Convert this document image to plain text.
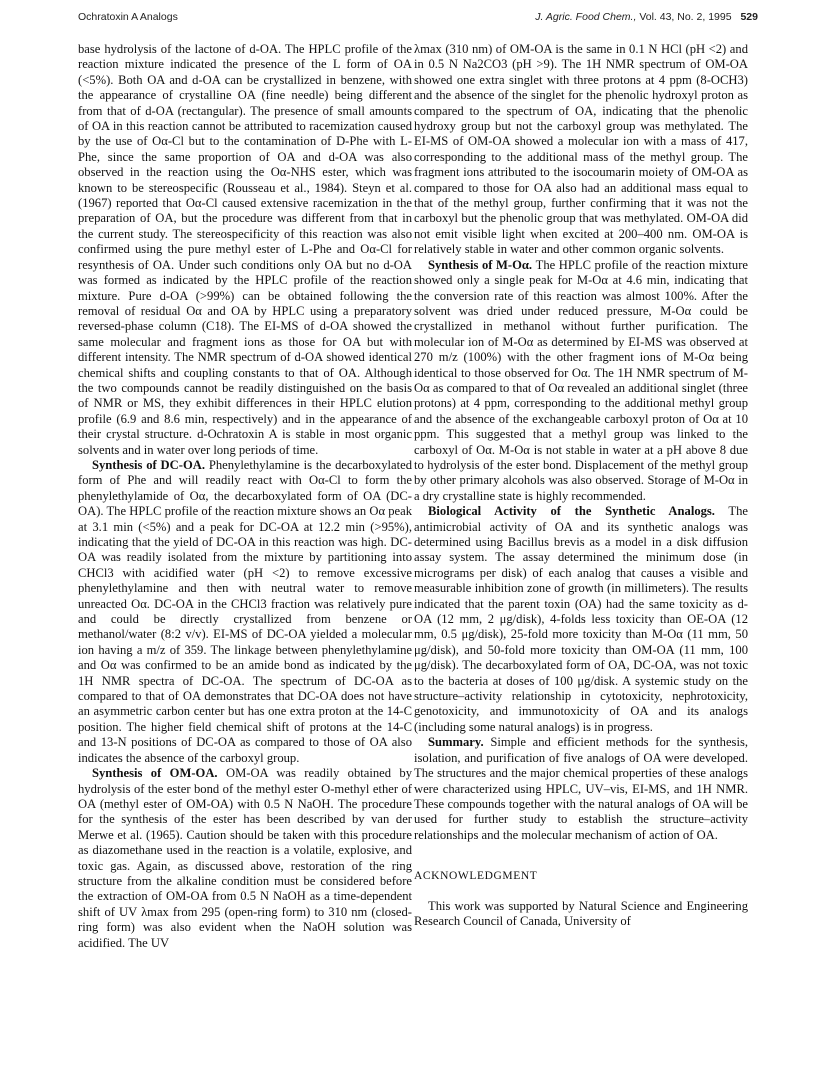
Ochratoxin A Analogs	J. Agric. Food Chem., Vol. 43, No. 2, 1995 529

base hydrolysis of the lactone of d-OA. The HPLC profile of the reaction mixture indicated the presence of the L form of OA (<5%). Both OA and d-OA can be crystallized in benzene, with the appearance of crystalline OA (fine needle) being different from that of d-OA (rectangular). The presence of small amounts of OA in this reaction cannot be attributed to racemization caused by the use of Oα-Cl but to the contamination of D-Phe with L-Phe, since the same proportion of OA and d-OA was also observed in the reaction using the Oα-NHS ester, which was known to be stereospecific (Rousseau et al., 1984). Steyn et al. (1967) reported that Oα-Cl caused extensive racemization in the preparation of OA, but the procedure was different from that in the current study. The stereospecificity of this reaction was also confirmed using the pure methyl ester of L-Phe and Oα-Cl for resynthesis of OA. Under such conditions only OA but no d-OA was formed as indicated by the HPLC profile of the reaction mixture. Pure d-OA (>99%) can be obtained following the removal of residual Oα and OA by HPLC using a preparatory reversed-phase column (C18). The EI-MS of d-OA showed the same molecular and fragment ions as those for OA but with different intensity. The NMR spectrum of d-OA showed identical chemical shifts and coupling constants to that of OA. Although the two compounds cannot be readily distinguished on the basis of NMR or MS, they exhibit differences in their HPLC elution profile (6.9 and 8.6 min, respectively) and in the appearance of their crystal structure. d-Ochratoxin A is stable in most organic solvents and in water over long periods of time.

Synthesis of DC-OA. Phenylethylamine is the decarboxylated form of Phe and will readily react with Oα-Cl to form the phenylethylamide of Oα, the decarboxylated form of OA (DC-OA). The HPLC profile of the reaction mixture shows an Oα peak at 3.1 min (<5%) and a peak for DC-OA at 12.2 min (>95%), indicating that the yield of DC-OA in this reaction was high. DC-OA was readily isolated from the mixture by partitioning into CHCl3 with acidified water (pH <2) to remove excessive phenylethylamine and then with neutral water to remove unreacted Oα. DC-OA in the CHCl3 fraction was relatively pure and could be directly crystallized from benzene or methanol/water (8:2 v/v). EI-MS of DC-OA yielded a molecular ion having a m/z of 359. The linkage between phenylethylamine and Oα was confirmed to be an amide bond as indicated by the 1H NMR spectra of DC-OA. The spectrum of DC-OA as compared to that of OA demonstrates that DC-OA does not have an asymmetric carbon center but has one extra proton at the 14-C position. The higher field chemical shift of protons at the 14-C and 13-N positions of DC-OA as compared to those of OA also indicates the absence of the carboxyl group.

Synthesis of OM-OA. OM-OA was readily obtained by hydrolysis of the ester bond of the methyl ester O-methyl ether of OA (methyl ester of OM-OA) with 0.5 N NaOH. The procedure for the synthesis of the ester has been described by van der Merwe et al. (1965). Caution should be taken with this procedure as diazomethane used in the reaction is a volatile, explosive, and toxic gas. Again, as discussed above, restoration of the ring structure from the alkaline condition must be considered before the extraction of OM-OA from 0.5 N NaOH as a time-dependent shift of UV λmax from 295 (open-ring form) to 310 nm (closed-ring form) was also evident when the NaOH solution was acidified. The UV

λmax (310 nm) of OM-OA is the same in 0.1 N HCl (pH <2) and in 0.5 N Na2CO3 (pH >9). The 1H NMR spectrum of OM-OA showed one extra singlet with three protons at 4 ppm (8-OCH3) and the absence of the singlet for the phenolic hydroxyl proton as compared to the spectrum of OA, indicating that the phenolic hydroxy group but not the carboxyl group was methylated. The EI-MS of OM-OA showed a molecular ion with a mass of 417, corresponding to the additional mass of the methyl group. The fragment ions attributed to the isocoumarin moiety of OM-OA as compared to those for OA also had an additional mass equal to that of the methyl group, further confirming that it was not the carboxyl but the phenolic group that was methylated. OM-OA did not emit visible light when excited at 200–400 nm. OM-OA is relatively stable in water and other common organic solvents.

Synthesis of M-Oα. The HPLC profile of the reaction mixture showed only a single peak for M-Oα at 4.6 min, indicating that the conversion rate of this reaction was almost 100%. After the solvent was dried under reduced pressure, M-Oα could be crystallized in methanol without further purification. The molecular ion of M-Oα as determined by EI-MS was observed at 270 m/z (100%) with the other fragment ions of M-Oα being identical to those observed for Oα. The 1H NMR spectrum of M-Oα as compared to that of Oα revealed an additional singlet (three protons) at 4 ppm, corresponding to the additional methyl group and the absence of the exchangeable carboxyl proton of Oα at 10 ppm. This suggested that a methyl group was linked to the carboxyl of Oα. M-Oα is not stable in water at a pH above 8 due to hydrolysis of the ester bond. Displacement of the methyl group by other primary alcohols was also observed. Storage of M-Oα in a dry crystalline state is highly recommended.

Biological Activity of the Synthetic Analogs. The antimicrobial activity of OA and its synthetic analogs was determined using Bacillus brevis as a model in a disk diffusion assay system. The assay determined the minimum dose (in micrograms per disk) of each analog that causes a visible and measurable inhibition zone of growth (in millimeters). The results indicated that the parent toxin (OA) had the same toxicity as d-OA (12 mm, 2 μg/disk), 4-folds less toxicity than OE-OA (12 mm, 0.5 μg/disk), 25-fold more toxicity than M-Oα (11 mm, 50 μg/disk), and 50-fold more toxicity than OM-OA (11 mm, 100 μg/disk). The decarboxylated form of OA, DC-OA, was not toxic to the bacteria at doses of 100 μg/disk. A systemic study on the structure–activity relationship in cytotoxicity, nephrotoxicity, genotoxicity, and immunotoxicity of OA and its analogs (including some natural analogs) is in progress.

Summary. Simple and efficient methods for the synthesis, isolation, and purification of five analogs of OA were developed. The structures and the major chemical properties of these analogs were characterized using HPLC, UV–vis, EI-MS, and 1H NMR. These compounds together with the natural analogs of OA will be used for further study to establish the structure–activity relationships and the molecular mechanism of action of OA.

ACKNOWLEDGMENT

This work was supported by Natural Science and Engineering Research Council of Canada, University of
